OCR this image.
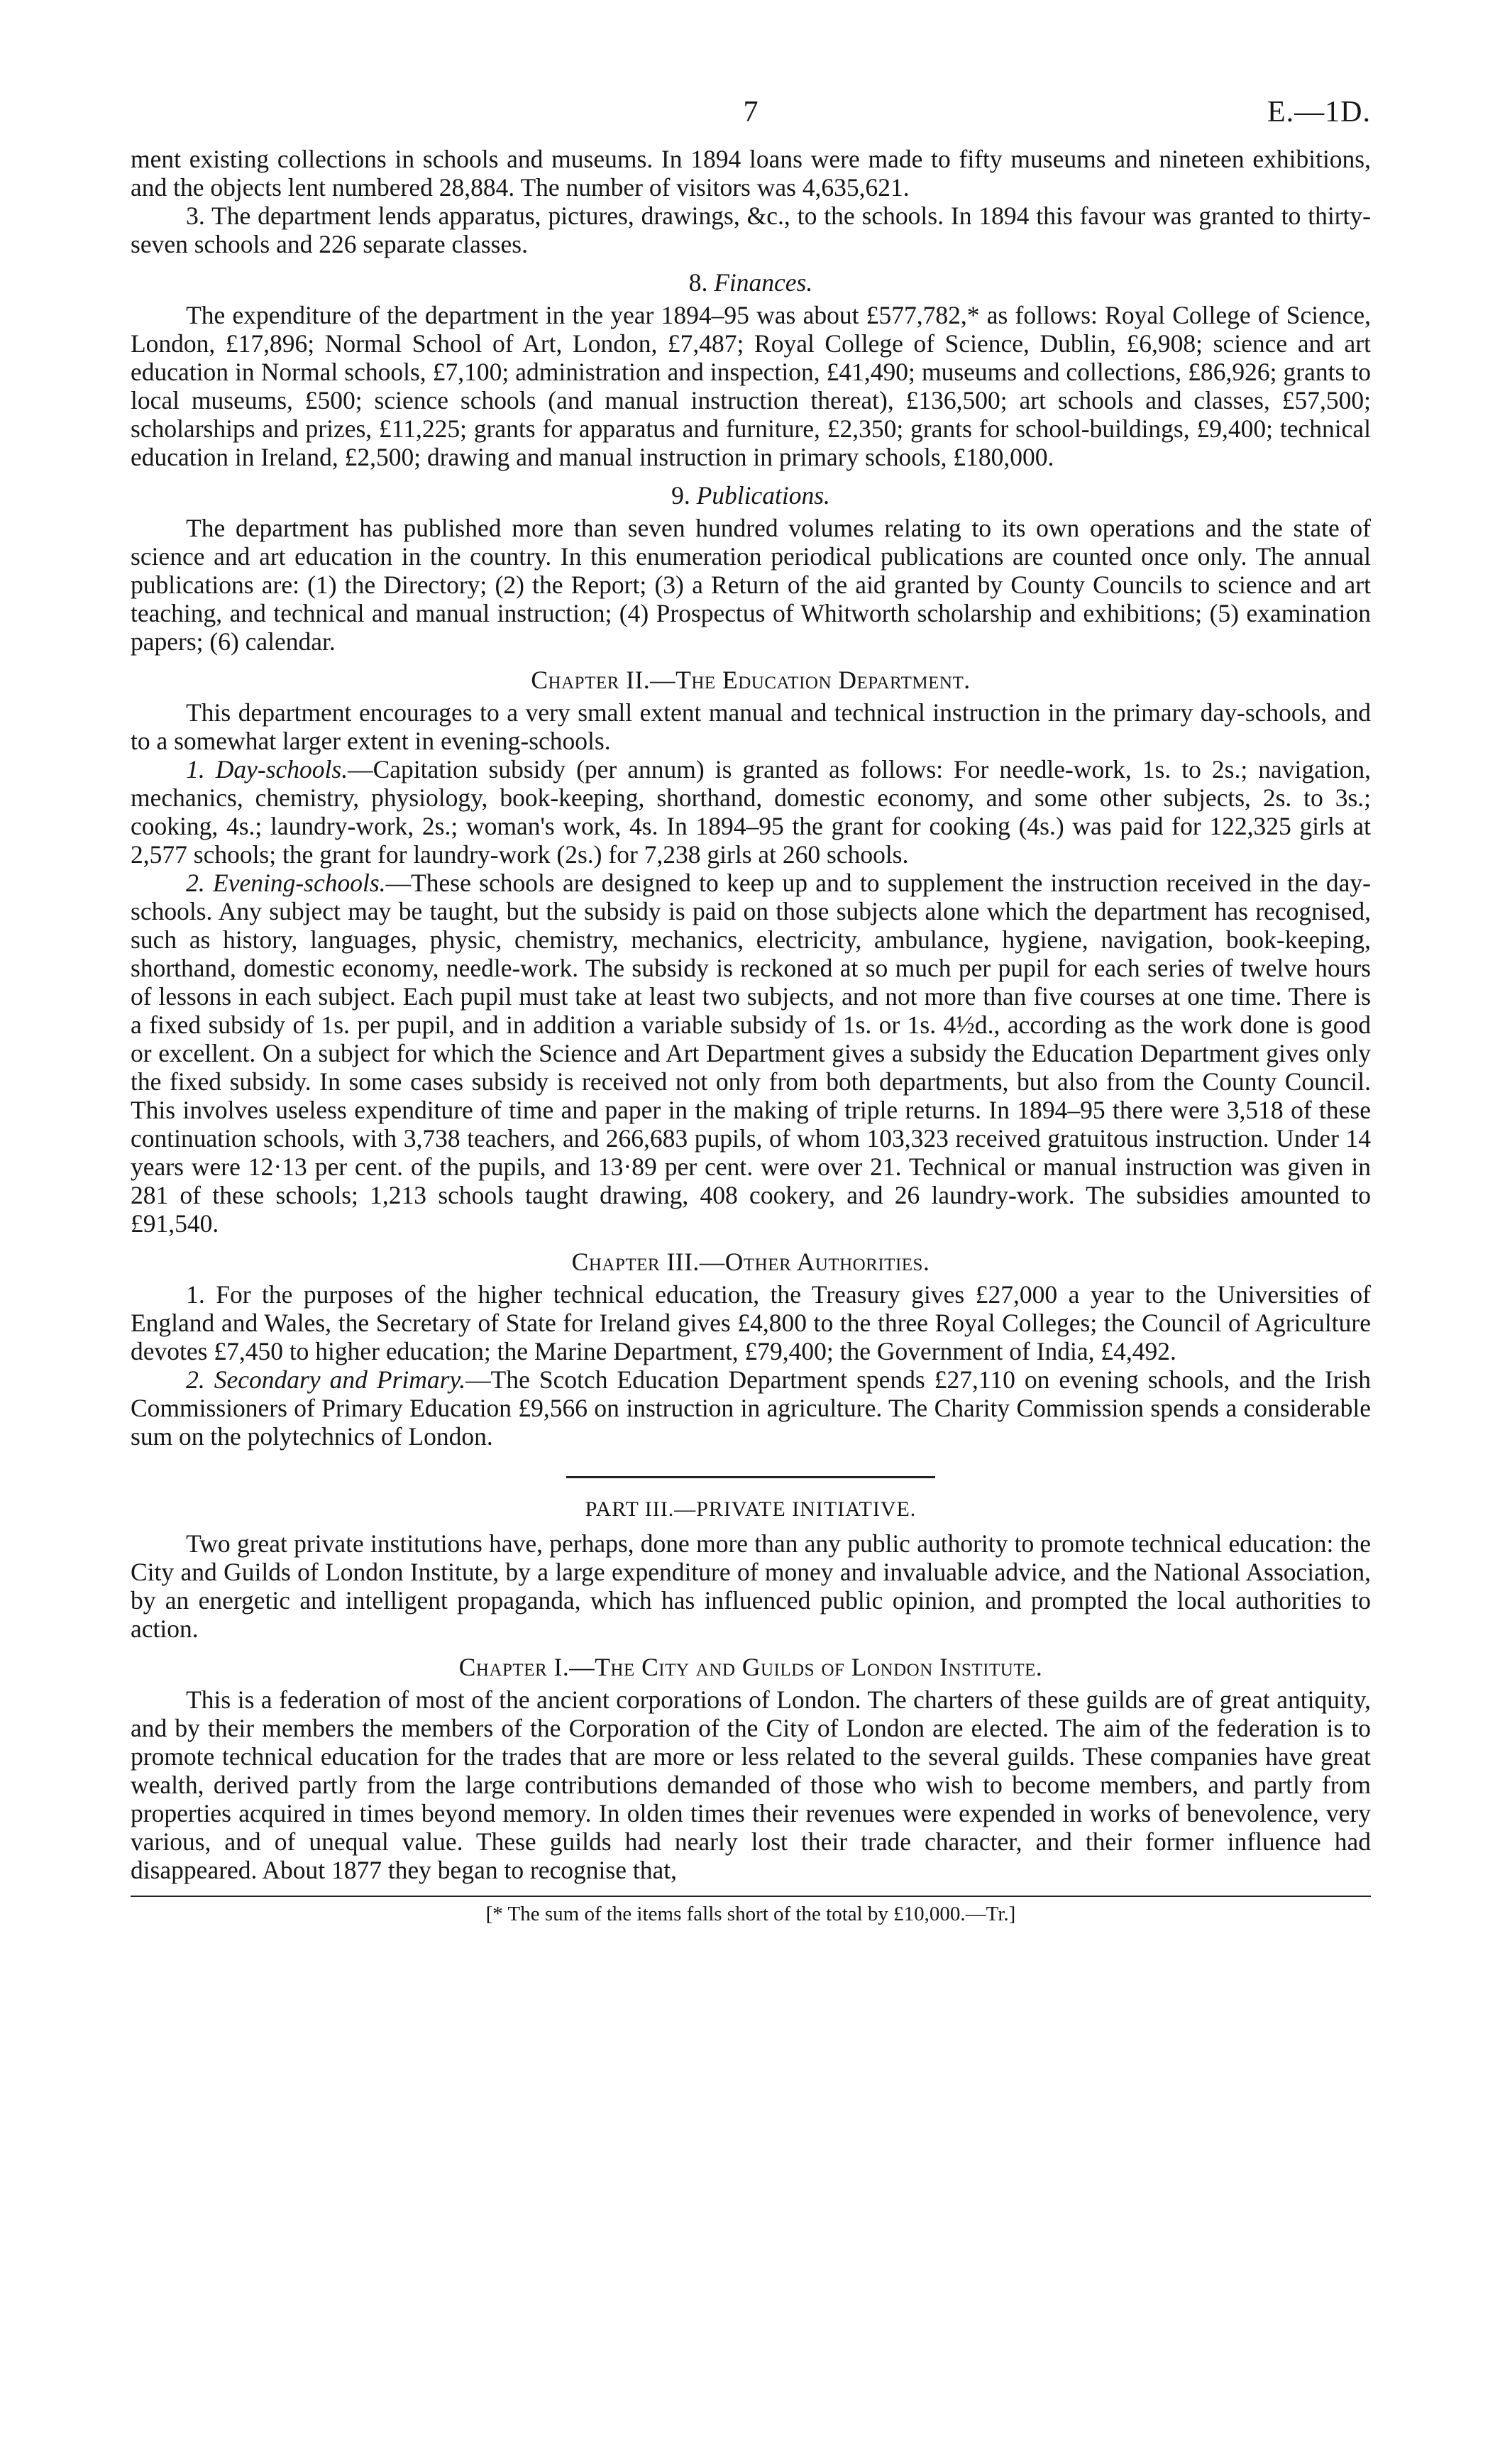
7	E.—1D.

ment existing collections in schools and museums. In 1894 loans were made to fifty museums and nineteen exhibitions, and the objects lent numbered 28,884. The number of visitors was 4,635,621.

3. The department lends apparatus, pictures, drawings, &c., to the schools. In 1894 this favour was granted to thirty-seven schools and 226 separate classes.

8. Finances.

The expenditure of the department in the year 1894–95 was about £577,782,* as follows: Royal College of Science, London, £17,896; Normal School of Art, London, £7,487; Royal College of Science, Dublin, £6,908; science and art education in Normal schools, £7,100; administration and inspection, £41,490; museums and collections, £86,926; grants to local museums, £500; science schools (and manual instruction thereat), £136,500; art schools and classes, £57,500; scholarships and prizes, £11,225; grants for apparatus and furniture, £2,350; grants for school-buildings, £9,400; technical education in Ireland, £2,500; drawing and manual instruction in primary schools, £180,000.

9. Publications.

The department has published more than seven hundred volumes relating to its own operations and the state of science and art education in the country. In this enumeration periodical publications are counted once only. The annual publications are: (1) the Directory; (2) the Report; (3) a Return of the aid granted by County Councils to science and art teaching, and technical and manual instruction; (4) Prospectus of Whitworth scholarship and exhibitions; (5) examination papers; (6) calendar.

Chapter II.—The Education Department.

This department encourages to a very small extent manual and technical instruction in the primary day-schools, and to a somewhat larger extent in evening-schools.

1. Day-schools.—Capitation subsidy (per annum) is granted as follows: For needle-work, 1s. to 2s.; navigation, mechanics, chemistry, physiology, book-keeping, shorthand, domestic economy, and some other subjects, 2s. to 3s.; cooking, 4s.; laundry-work, 2s.; woman's work, 4s. In 1894–95 the grant for cooking (4s.) was paid for 122,325 girls at 2,577 schools; the grant for laundry-work (2s.) for 7,238 girls at 260 schools.

2. Evening-schools.—These schools are designed to keep up and to supplement the instruction received in the day-schools. Any subject may be taught, but the subsidy is paid on those subjects alone which the department has recognised, such as history, languages, physic, chemistry, mechanics, electricity, ambulance, hygiene, navigation, book-keeping, shorthand, domestic economy, needle-work. The subsidy is reckoned at so much per pupil for each series of twelve hours of lessons in each subject. Each pupil must take at least two subjects, and not more than five courses at one time. There is a fixed subsidy of 1s. per pupil, and in addition a variable subsidy of 1s. or 1s. 4½d., according as the work done is good or excellent. On a subject for which the Science and Art Department gives a subsidy the Education Department gives only the fixed subsidy. In some cases subsidy is received not only from both departments, but also from the County Council. This involves useless expenditure of time and paper in the making of triple returns. In 1894–95 there were 3,518 of these continuation schools, with 3,738 teachers, and 266,683 pupils, of whom 103,323 received gratuitous instruction. Under 14 years were 12·13 per cent. of the pupils, and 13·89 per cent. were over 21. Technical or manual instruction was given in 281 of these schools; 1,213 schools taught drawing, 408 cookery, and 26 laundry-work. The subsidies amounted to £91,540.

Chapter III.—Other Authorities.

1. For the purposes of the higher technical education, the Treasury gives £27,000 a year to the Universities of England and Wales, the Secretary of State for Ireland gives £4,800 to the three Royal Colleges; the Council of Agriculture devotes £7,450 to higher education; the Marine Department, £79,400; the Government of India, £4,492.

2. Secondary and Primary.—The Scotch Education Department spends £27,110 on evening schools, and the Irish Commissioners of Primary Education £9,566 on instruction in agriculture. The Charity Commission spends a considerable sum on the polytechnics of London.

PART III.—PRIVATE INITIATIVE.

Two great private institutions have, perhaps, done more than any public authority to promote technical education: the City and Guilds of London Institute, by a large expenditure of money and invaluable advice, and the National Association, by an energetic and intelligent propaganda, which has influenced public opinion, and prompted the local authorities to action.

Chapter I.—The City and Guilds of London Institute.

This is a federation of most of the ancient corporations of London. The charters of these guilds are of great antiquity, and by their members the members of the Corporation of the City of London are elected. The aim of the federation is to promote technical education for the trades that are more or less related to the several guilds. These companies have great wealth, derived partly from the large contributions demanded of those who wish to become members, and partly from properties acquired in times beyond memory. In olden times their revenues were expended in works of benevolence, very various, and of unequal value. These guilds had nearly lost their trade character, and their former influence had disappeared. About 1877 they began to recognise that,

[* The sum of the items falls short of the total by £10,000.—Tr.]
